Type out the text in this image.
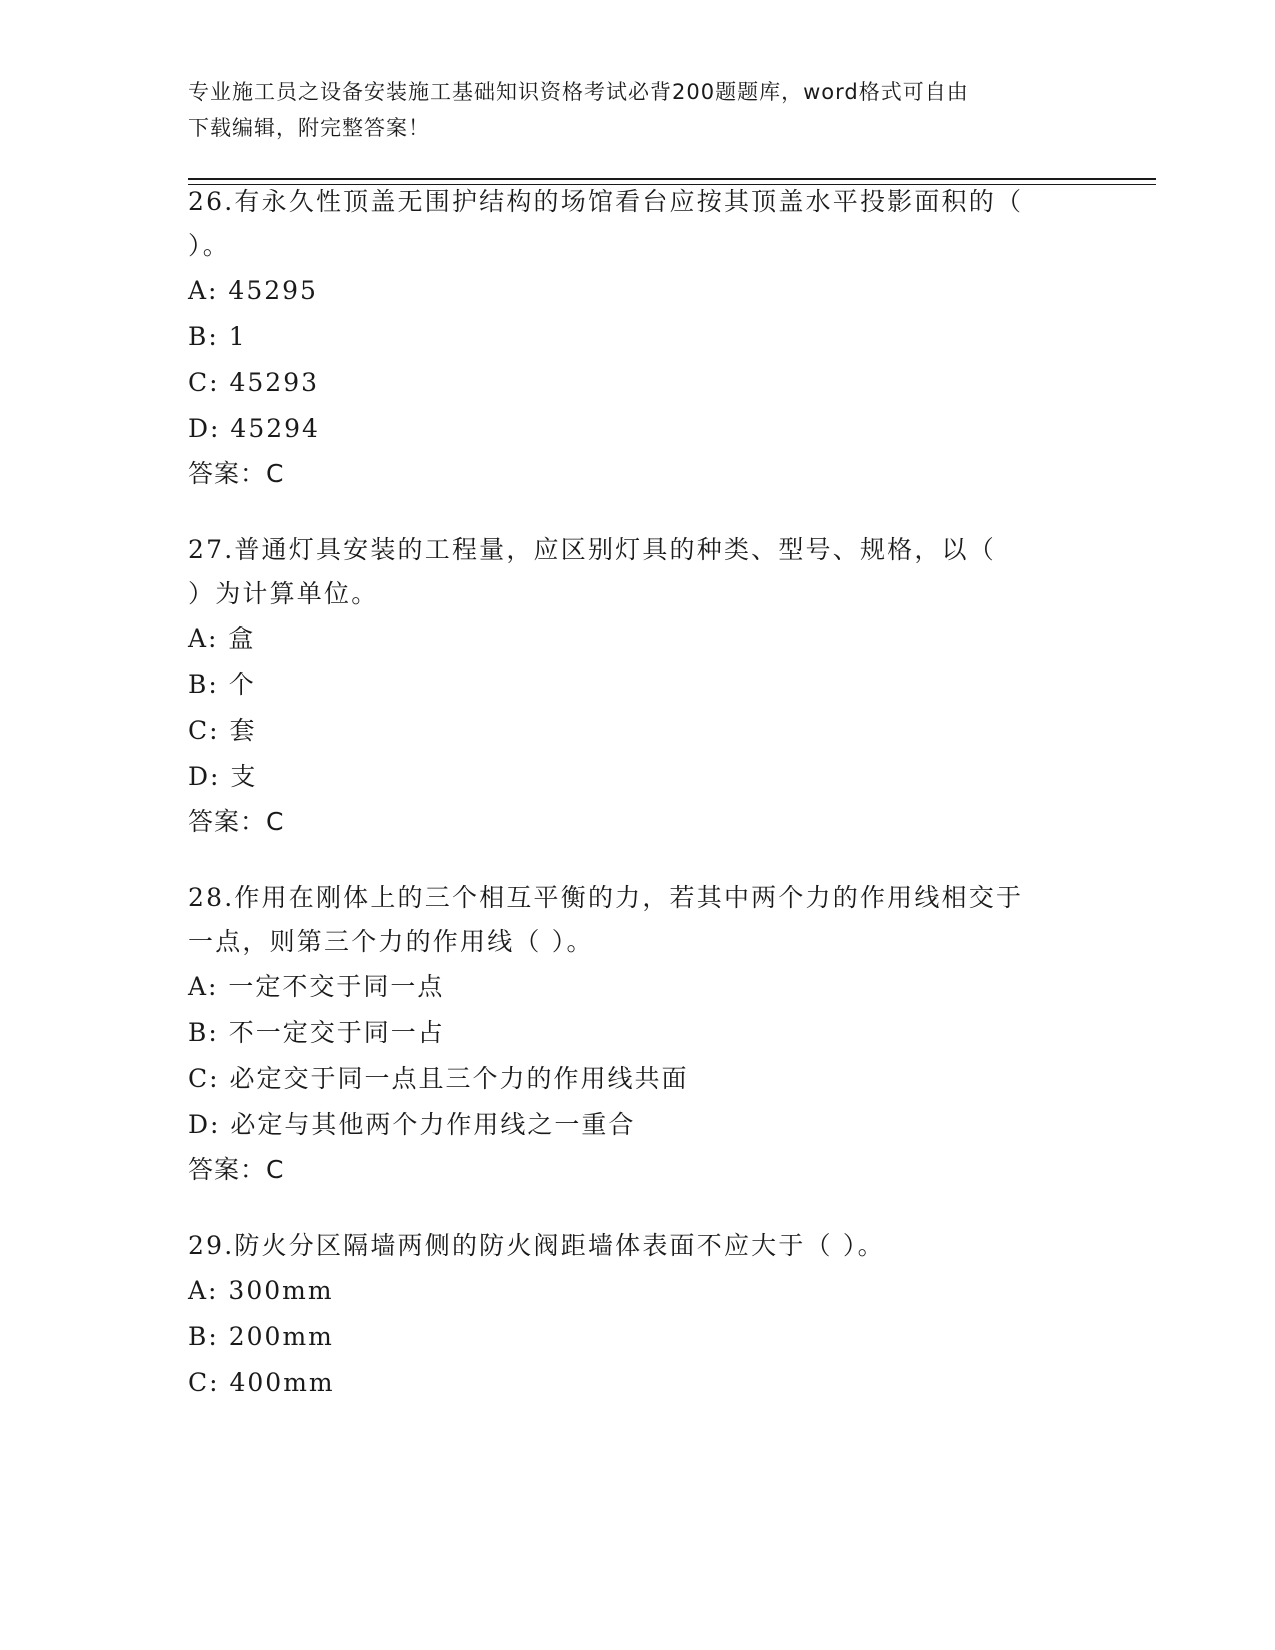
专业施工员之设备安装施工基础知识资格考试必背200题题库，word格式可自由
下载编辑，附完整答案！
26.有永久性顶盖无围护结构的场馆看台应按其顶盖水平投影面积的（
）。
A: 45295
B: 1
C: 45293
D: 45294
答案：C
27.普通灯具安装的工程量，应区别灯具的种类、型号、规格，以（
）为计算单位。
A: 盒
B: 个
C: 套
D: 支
答案：C
28.作用在刚体上的三个相互平衡的力，若其中两个力的作用线相交于
一点，则第三个力的作用线（ ）。
A: 一定不交于同一点
B: 不一定交于同一占
C: 必定交于同一点且三个力的作用线共面
D: 必定与其他两个力作用线之一重合
答案：C
29.防火分区隔墙两侧的防火阀距墙体表面不应大于（ ）。
A: 300mm
B: 200mm
C: 400mm
